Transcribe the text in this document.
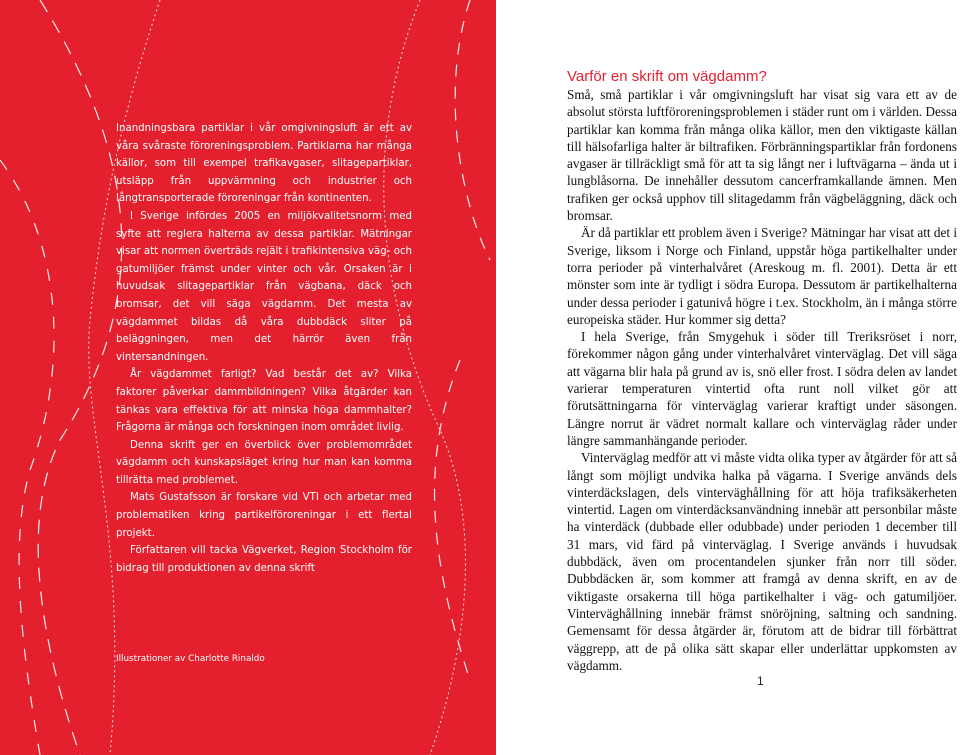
Inandningsbara partiklar i vår omgivningsluft är ett av våra svåraste föroreningsproblem. Partiklarna har många källor, som till exempel trafikavgaser, slitagepartiklar, utsläpp från uppvärmning och industrier och långtransporterade föroreningar från kontinenten.

I Sverige infördes 2005 en miljökvalitetsnorm med syfte att reglera halterna av dessa partiklar. Mätningar visar att normen överträds rejält i trafikintensiva väg- och gatumiljöer främst under vinter och vår. Orsaken är i huvudsak slitagepartiklar från vägbana, däck och bromsar, det vill säga vägdamm. Det mesta av vägdammet bildas då våra dubbdäck sliter på beläggningen, men det härrör även från vintersandningen.

År vägdammet farligt? Vad består det av? Vilka faktorer påverkar dammbildningen? Vilka åtgärder kan tänkas vara effektiva för att minska höga dammhalter? Frågorna är många och forskningen inom området livlig.

Denna skrift ger en överblick över problemområdet vägdamm och kunskapsläget kring hur man kan komma tillrätta med problemet.

Mats Gustafsson är forskare vid VTI och arbetar med problematiken kring partikelföroreningar i ett flertal projekt.

Författaren vill tacka Vägverket, Region Stockholm för bidrag till produktionen av denna skrift

Illustrationer av Charlotte Rinaldo
Varför en skrift om vägdamm?

Små, små partiklar i vår omgivningsluft har visat sig vara ett av de absolut största luftföroreningsproblemen i städer runt om i världen. Dessa partiklar kan komma från många olika källor, men den viktigaste källan till hälsofarliga halter är biltrafiken. Förbränningspartiklar från fordonens avgaser är tillräckligt små för att ta sig långt ner i luftvägarna – ända ut i lungblåsorna. De innehåller dessutom cancerframkallande ämnen. Men trafiken ger också upphov till slitagedamm från vägbeläggning, däck och bromsar.

Är då partiklar ett problem även i Sverige? Mätningar har visat att det i Sverige, liksom i Norge och Finland, uppstår höga partikelhalter under torra perioder på vinterhalvåret (Areskoug m. fl. 2001). Detta är ett mönster som inte är tydligt i södra Europa. Dessutom är partikelhalterna under dessa perioder i gatunivå högre i t.ex. Stockholm, än i många större europeiska städer. Hur kommer sig detta?

I hela Sverige, från Smygehuk i söder till Treriksröset i norr, förekommer någon gång under vinterhalvåret vinterväglag. Det vill säga att vägarna blir hala på grund av is, snö eller frost. I södra delen av landet varierar temperaturen vintertid ofta runt noll vilket gör att förutsättningarna för vinterväglag varierar kraftigt under säsongen. Längre norrut är vädret normalt kallare och vinterväglag råder under längre sammanhängande perioder.

Vinterväglag medför att vi måste vidta olika typer av åtgärder för att så långt som möjligt undvika halka på vägarna. I Sverige används dels vinterdäckslagen, dels vinterväghållning för att höja trafiksäkerheten vintertid. Lagen om vinterdäcksanvändning innebär att personbilar måste ha vinterdäck (dubbade eller odubbade) under perioden 1 december till 31 mars, vid färd på vinterväglag. I Sverige används i huvudsak dubbdäck, även om procentandelen sjunker från norr till söder. Dubbdäcken är, som kommer att framgå av denna skrift, en av de viktigaste orsakerna till höga partikelhalter i väg- och gatumiljöer. Vinterväghållning innebär främst snöröjning, saltning och sandning. Gemensamt för dessa åtgärder är, förutom att de bidrar till förbättrat väggrepp, att de på olika sätt skapar eller underlättar uppkomsten av vägdamm.

1
